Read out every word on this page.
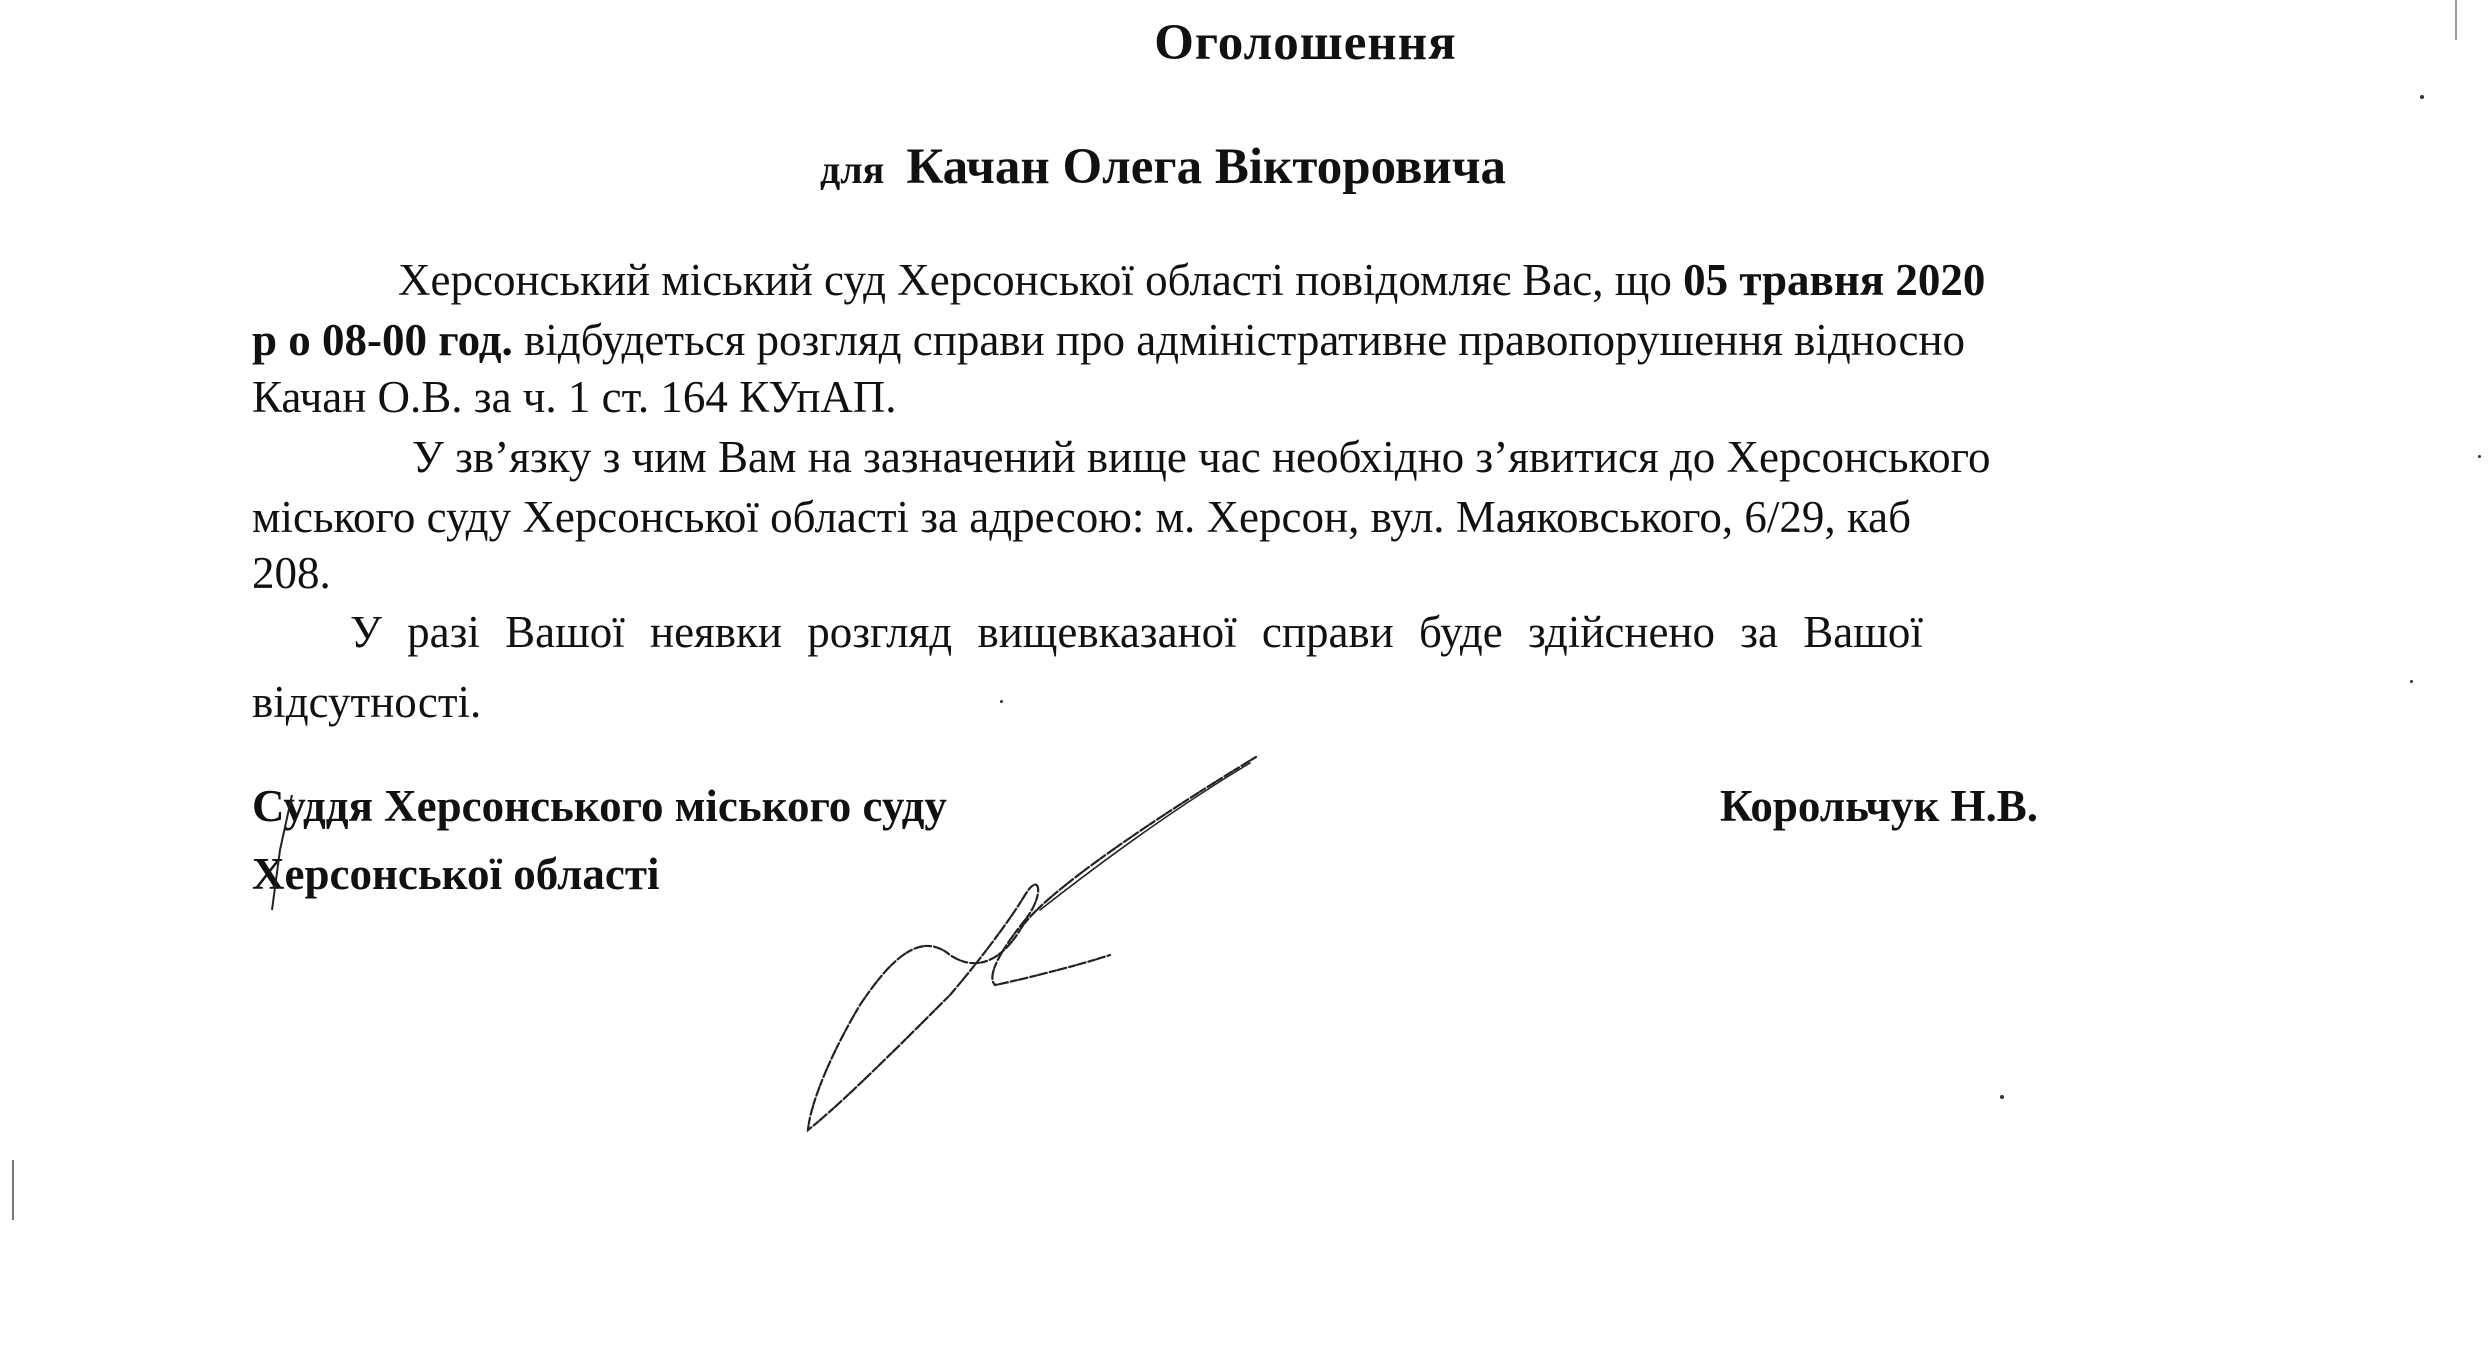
Оголошення
для Качан Олега Вікторовича
Херсонський міський суд Херсонської області повідомляє Вас, що 05 травня 2020
р о 08-00 год. відбудеться розгляд справи про адміністративне правопорушення відносно
Качан О.В. за ч. 1 ст. 164 КУпАП.
У зв’язку з чим Вам на зазначений вище час необхідно з’явитися до Херсонського
міського суду Херсонської області за адресою: м. Херсон, вул. Маяковського, 6/29, каб
208.
У разі Вашої неявки розгляд вищевказаної справи буде здійснено за Вашої
відсутності.
Суддя Херсонського міського суду
Херсонської області
Корольчук Н.В.
